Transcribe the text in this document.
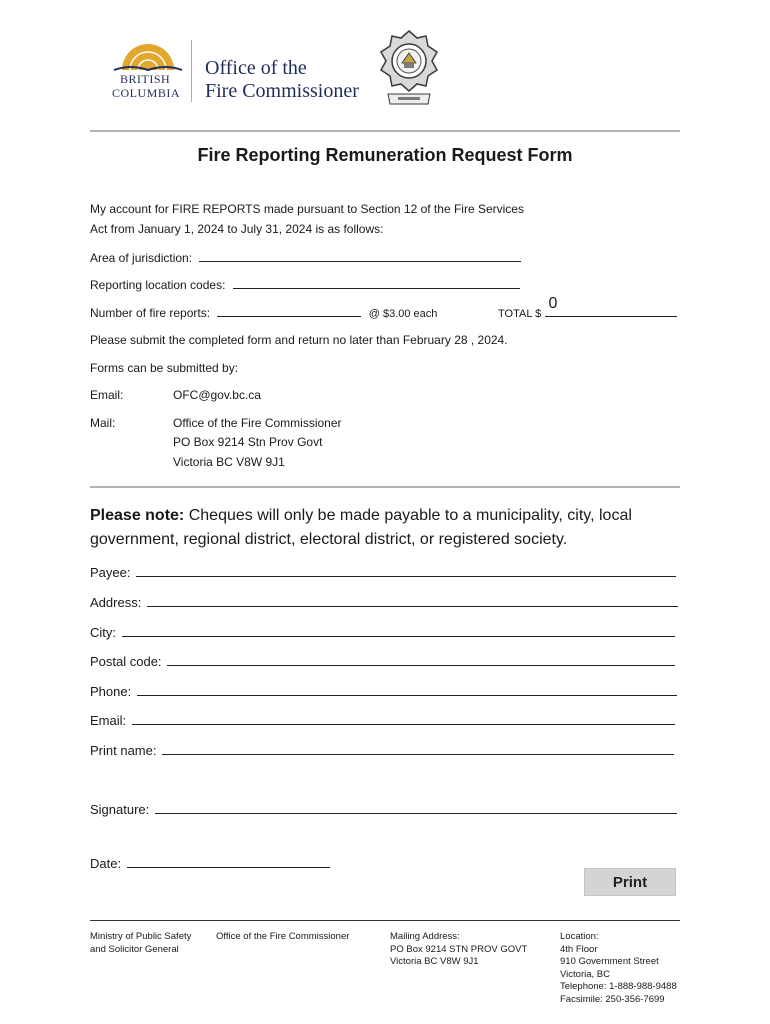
BRITISH
COLUMBIA
Office of the
Fire Commissioner
Fire Reporting Remuneration Request Form
My account for FIRE REPORTS made pursuant to Section 12 of the Fire Services
Act from January 1, 2024 to July 31, 2024 is as follows:
Area of jurisdiction:
Reporting location codes:
Number of fire reports:	@ $3.00 each	TOTAL $
0
Please submit the completed form and return no later than February 28 , 2024.
Forms can be submitted by:
Email:	OFC@gov.bc.ca
Mail:	Office of the Fire Commissioner
PO Box 9214 Stn Prov Govt
Victoria BC V8W 9J1
Please note: Cheques will only be made payable to a municipality, city, local
government, regional district, electoral district, or registered society.
Payee:
Address:
City:
Postal code:
Phone:
Email:
Print name:
Signature:
Date:
Print
Ministry of Public Safety
and Solicitor General
Office of the Fire Commissioner	Mailing Address:
PO Box 9214 STN PROV GOVT
Victoria BC V8W 9J1
Location:
4th Floor
910 Government Street
Victoria, BC
Telephone: 1-888-988-9488
Facsimile: 250-356-7699
